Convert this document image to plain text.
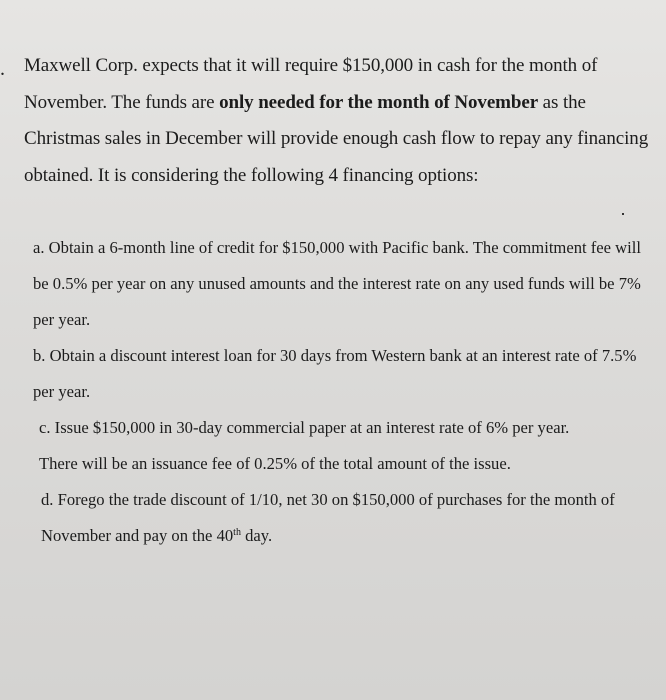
. Maxwell Corp. expects that it will require $150,000 in cash for the month of November. The funds are only needed for the month of November as the Christmas sales in December will provide enough cash flow to repay any financing obtained. It is considering the following 4 financing options:

a. Obtain a 6-month line of credit for $150,000 with Pacific bank. The commitment fee will be 0.5% per year on any unused amounts and the interest rate on any used funds will be 7% per year.

b. Obtain a discount interest loan for 30 days from Western bank at an interest rate of 7.5% per year.

c. Issue $150,000 in 30-day commercial paper at an interest rate of 6% per year.
There will be an issuance fee of 0.25% of the total amount of the issue.

d. Forego the trade discount of 1/10, net 30 on $150,000 of purchases for the month of November and pay on the 40th day.
